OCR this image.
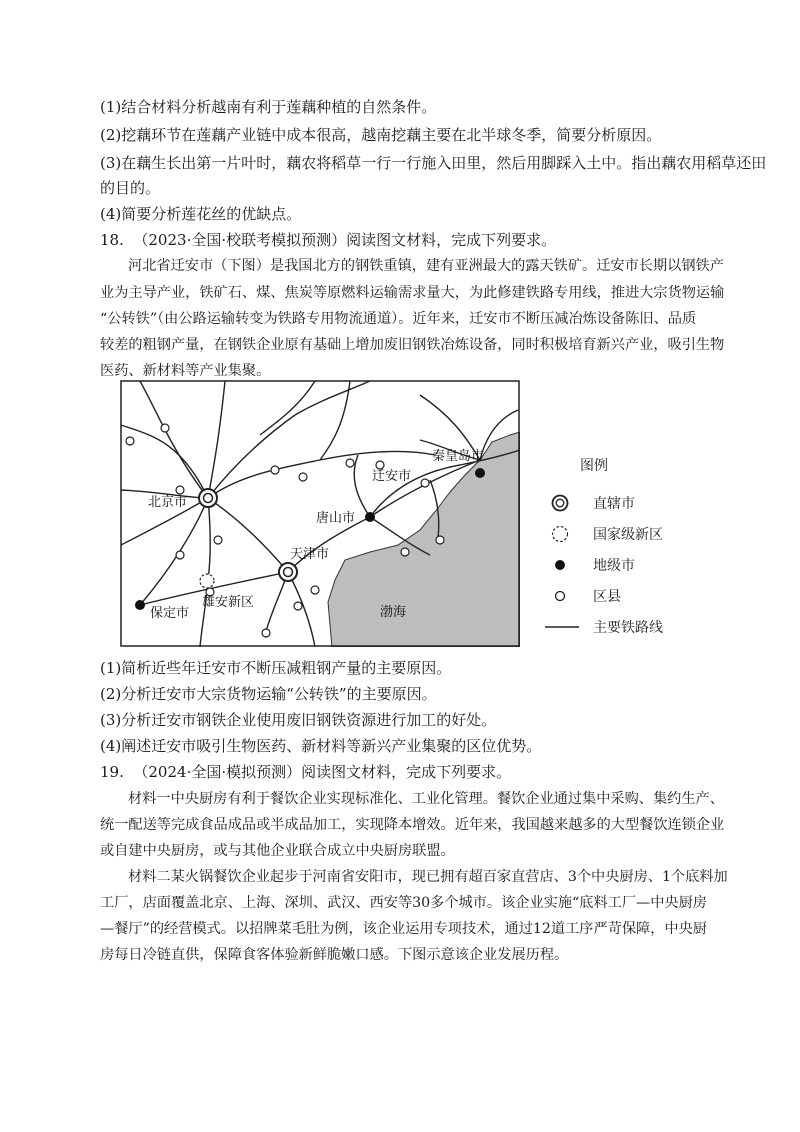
(1)结合材料分析越南有利于莲藕种植的自然条件。
(2)挖藕环节在莲藕产业链中成本很高，越南挖藕主要在北半球冬季，简要分析原因。
(3)在藕生长出第一片叶时，藕农将稻草一行一行施入田里，然后用脚踩入土中。指出藕农用稻草还田
的目的。
(4)简要分析莲花丝的优缺点。
18.  （2023·全国·校联考模拟预测）阅读图文材料，完成下列要求。
河北省迁安市（下图）是我国北方的钢铁重镇，建有亚洲最大的露天铁矿。迁安市长期以钢铁产
业为主导产业，铁矿石、煤、焦炭等原燃料运输需求量大，为此修建铁路专用线，推进大宗货物运输
“公转铁”（由公路运输转变为铁路专用物流通道）。近年来，迁安市不断压减冶炼设备陈旧、品质
较差的粗钢产量，在钢铁企业原有基础上增加废旧钢铁冶炼设备，同时积极培育新兴产业，吸引生物
医药、新材料等产业集聚。
北京市
天津市
唐山市
迁安市
秦皇岛市
保定市
雄安新区
渤海
图例
直辖市
国家级新区
地级市
区县
主要铁路线
(1)简析近些年迁安市不断压减粗钢产量的主要原因。
(2)分析迁安市大宗货物运输“公转铁”的主要原因。
(3)分析迁安市钢铁企业使用废旧钢铁资源进行加工的好处。
(4)阐述迁安市吸引生物医药、新材料等新兴产业集聚的区位优势。
19.  （2024·全国·模拟预测）阅读图文材料，完成下列要求。
材料一中央厨房有利于餐饮企业实现标准化、工业化管理。餐饮企业通过集中采购、集约生产、
统一配送等完成食品成品或半成品加工，实现降本增效。近年来，我国越来越多的大型餐饮连锁企业
或自建中央厨房，或与其他企业联合成立中央厨房联盟。
材料二某火锅餐饮企业起步于河南省安阳市，现已拥有超百家直营店、3个中央厨房、1个底料加
工厂，店面覆盖北京、上海、深圳、武汉、西安等30多个城市。该企业实施“底料工厂—中央厨房
—餐厅”的经营模式。以招牌菜毛肚为例，该企业运用专项技术，通过12道工序严苛保障，中央厨
房每日冷链直供，保障食客体验新鲜脆嫩口感。下图示意该企业发展历程。
